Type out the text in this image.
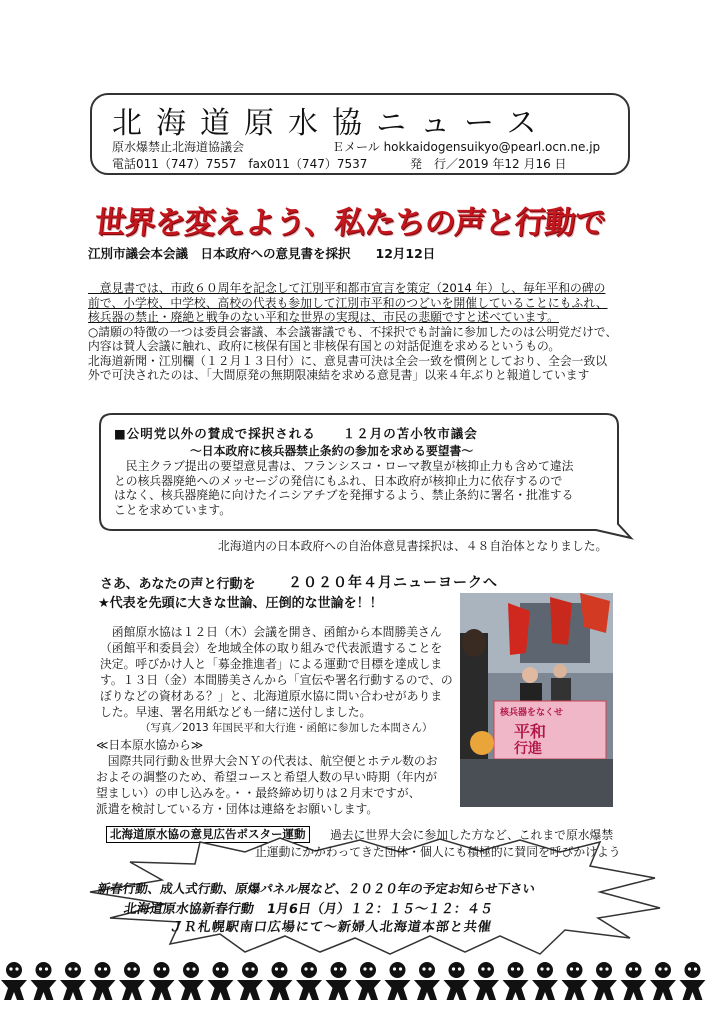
北海道原水協ニュース
原水爆禁止北海道協議会	Ｅメール hokkaidogensuikyo@pearl.ocn.ne.jp
電話011（747）7557　fax011（747）7537	発　行／2019 年12 月16 日
世界を変えよう、私たちの声と行動で
江別市議会本会議　日本政府への意見書を採択　　12月12日
　意見書では、市政６０周年を記念して江別平和都市宣言を策定（2014 年）し、毎年平和の碑の
前で、小学校、中学校、高校の代表も参加して江別市平和のつどいを開催していることにもふれ、
核兵器の禁止・廃絶と戦争のない平和な世界の実現は、市民の悲願ですと述べています。
○請願の特徴の一つは委員会審議、本会議審議でも、不採択でも討論に参加したのは公明党だけで、
内容は賛人会議に触れ、政府に核保有国と非核保有国との対話促進を求めるというもの。
北海道新聞・江別欄（１２月１３日付）に、意見書可決は全会一致を慣例としており、全会一致以
外で可決されたのは、「大間原発の無期限凍結を求める意見書」以来４年ぶりと報道しています
■公明党以外の賛成で採択される　　１２月の苫小牧市議会
〜日本政府に核兵器禁止条約の参加を求める要望書〜
　民主クラブ提出の要望意見書は、フランシスコ・ローマ教皇が核抑止力も含めて違法
との核兵器廃絶へのメッセージの発信にもふれ、日本政府が核抑止力に依存するので
はなく、核兵器廃絶に向けたイニシアチブを発揮するよう、禁止条約に署名・批准する
ことを求めています。
北海道内の日本政府への自治体意見書採択は、４８自治体となりました。
さあ、あなたの声と行動を ２０２０年４月ニューヨークへ
★代表を先頭に大きな世論、圧倒的な世論を！！
　函館原水協は１２日（木）会議を開き、函館から本間勝美さん
（函館平和委員会）を地域全体の取り組みで代表派遣することを
決定。呼びかけ人と「募金推進者」による運動で目標を達成しま
す。１３日（金）本間勝美さんから「宣伝や署名行動するので、の
ぼりなどの資材ある？」と、北海道原水協に問い合わせがありま
した。早速、署名用紙なども一緒に送付しました。
（写真／2013 年国民平和大行進・函館に参加した本間さん）
≪日本原水協から≫
　国際共同行動＆世界大会ＮＹの代表は、航空便とホテル数のお
およその調整のため、希望コースと希望人数の早い時期（年内が
望ましい）の申し込みを。・・最終締め切りは２月末ですが、
派遣を検討している方・団体は連絡をお願いします。
核兵器をなくせ
平和
行進
北海道原水協の意見広告ポスター運動	過去に世界大会に参加した方など、これまで原水爆禁
止運動にかかわってきた団体・個人にも積極的に賛同を呼びかけよう
新春行動、成人式行動、原爆パネル展など、２０２０年の予定お知らせ下さい
北海道原水協新春行動　1月6日（月）１２：１５〜１２：４５
ＪＲ札幌駅南口広場にて〜新婦人北海道本部と共催
